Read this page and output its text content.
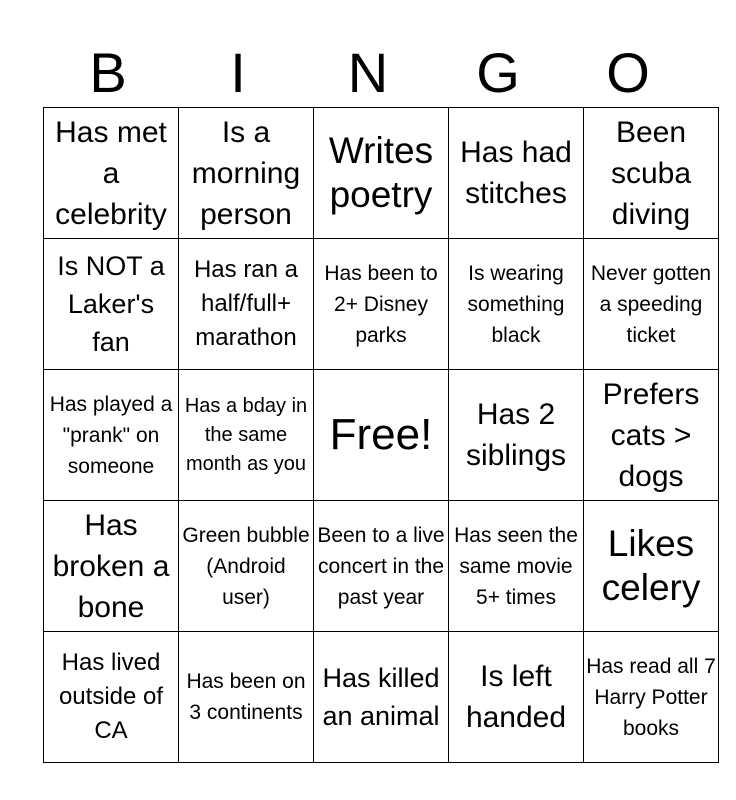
B	I	N	G	O
Has met a celebrity	Is a morning person	Writes poetry	Has had stitches	Been scuba diving

Is NOT a Laker's fan	Has ran a half/full+ marathon	Has been to 2+ Disney parks	Is wearing something black	Never gotten a speeding ticket

Has played a "prank" on someone	Has a bday in the same month as you	Free!	Has 2 siblings	Prefers cats > dogs

Has broken a bone	Green bubble (Android user)	Been to a live concert in the past year	Has seen the same movie 5+ times	Likes celery

Has lived outside of CA	Has been on 3 continents	Has killed an animal	Is left handed	Has read all 7 Harry Potter books
